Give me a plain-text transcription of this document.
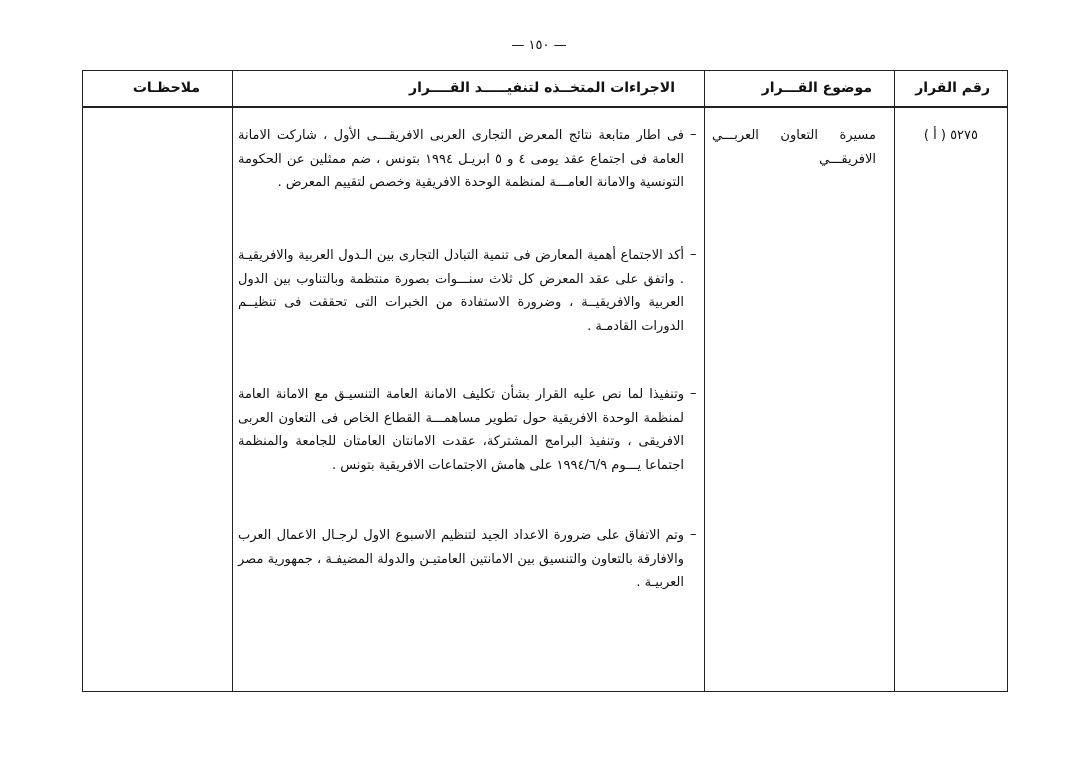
— ١٥٠ —
رقم القرار
موضوع القـــرار
الاجراءات المتخــذه لتنفيـــــد القــــرار
ملاحظـات
٥٢٧٥ ( أ )
مسيرة التعاون العربـــي الافريقـــي
–
فى اطار متابعة نتائج المعرض التجارى العربى الافريقـــى الأول ، شاركت الامانة العامة فى اجتماع عقد يومى ٤ و ٥ ابريـل ١٩٩٤ بتونس ، ضم ممثلين عن الحكومة التونسية والامانة العامـــة لمنظمة الوحدة الافريقية وخصص لتقييم المعرض .
–
أكد الاجتماع أهمية المعارض فى تنمية التبادل التجارى بين الـدول العربية والافريقيـة . واتفق على عقد المعرض كل ثلاث سنـــوات بصورة منتظمة وبالتناوب بين الدول العربية والافريقيــة ، وضرورة الاستفادة من الخبرات التى تحققت فى تنظيــم الدورات القادمـة .
–
وتنفيذا لما نص عليه القرار بشأن تكليف الامانة العامة التنسيـق مع الامانة العامة لمنظمة الوحدة الافريقية حول تطوير مساهمـــة القطاع الخاص فى التعاون العربى الافريقى ، وتنفيذ البرامج المشتركة، عقدت الامانتان العامتان للجامعة والمنظمة اجتماعا يـــوم ١٩٩٤/٦/٩ على هامش الاجتماعات الافريقية بتونس .
–
وتم الاتفاق على ضرورة الاعداد الجيد لتنظيم الاسبوع الاول لرجـال الاعمال العرب والافارقة بالتعاون والتنسيق بين الامانتين العامتيـن والدولة المضيفـة ، جمهورية مصر العربيـة .
